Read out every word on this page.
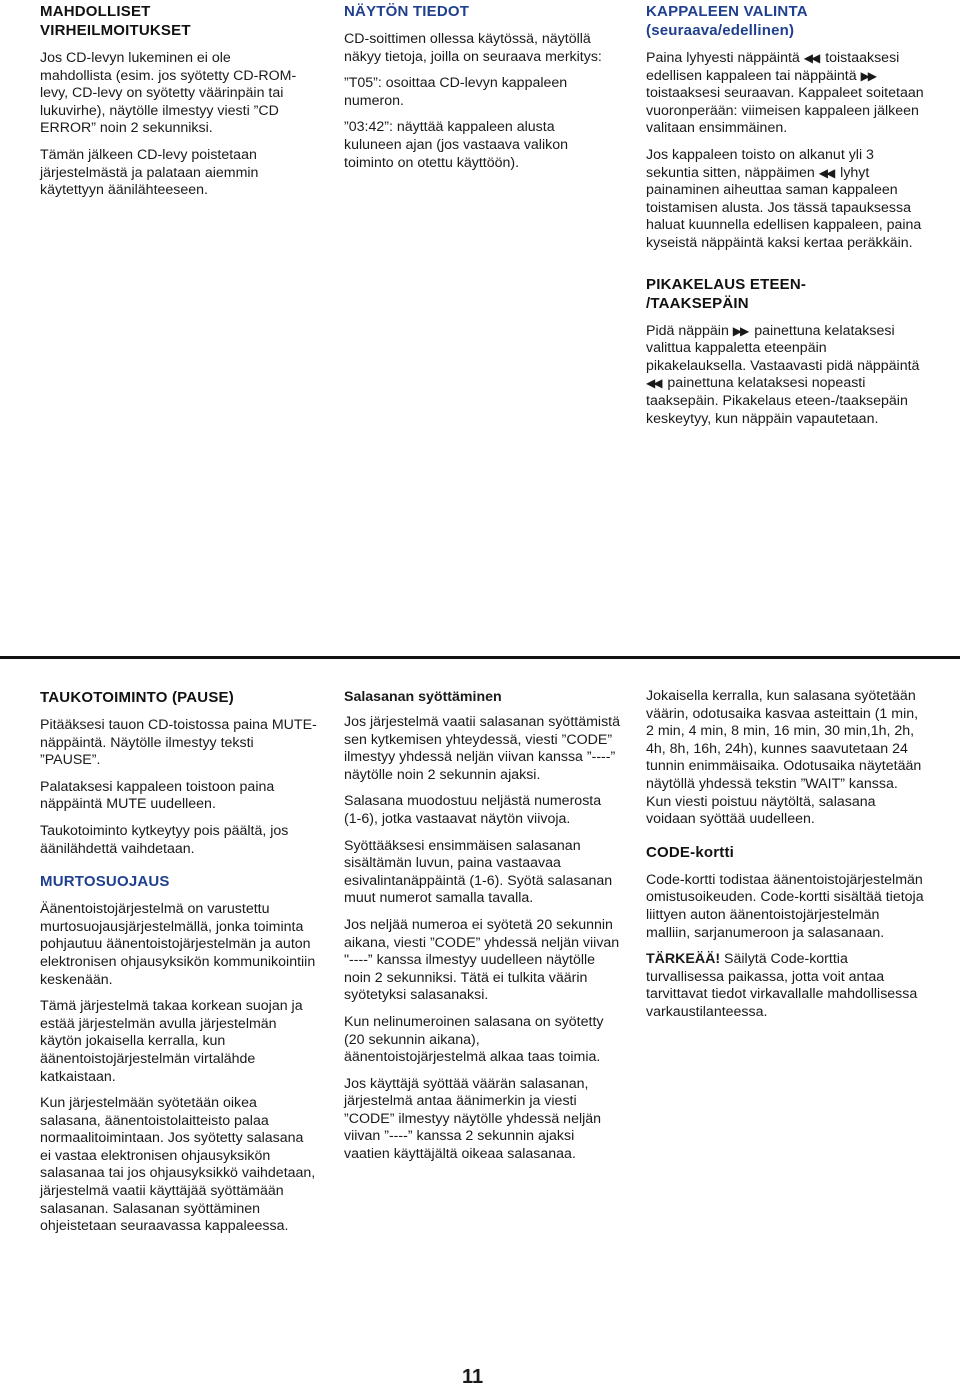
MAHDOLLISET VIRHEILMOITUKSET

Jos CD-levyn lukeminen ei ole mahdollista (esim. jos syötetty CD-ROM-levy, CD-levy on syötetty väärinpäin tai lukuvirhe), näytölle ilmestyy viesti ”CD ERROR” noin 2 sekunniksi.

Tämän jälkeen CD-levy poistetaan järjestelmästä ja palataan aiemmin käytettyyn äänilähteeseen.

NÄYTÖN TIEDOT

CD-soittimen ollessa käytössä, näytöllä näkyy tietoja, joilla on seuraava merkitys:

”T05”: osoittaa CD-levyn kappaleen numeron.

”03:42”: näyttää kappaleen alusta kuluneen ajan (jos vastaava valikon toiminto on otettu käyttöön).

KAPPALEEN VALINTA
(seuraava/edellinen)

Paina lyhyesti näppäintä ◀◀ toistaaksesi edellisen kappaleen tai näppäintä ▶▶ toistaaksesi seuraavan. Kappaleet soitetaan vuoronperään: viimeisen kappaleen jälkeen valitaan ensimmäinen.

Jos kappaleen toisto on alkanut yli 3 sekuntia sitten, näppäimen ◀◀ lyhyt painaminen aiheuttaa saman kappaleen toistamisen alusta. Jos tässä tapauksessa haluat kuunnella edellisen kappaleen, paina kyseistä näppäintä kaksi kertaa peräkkäin.

PIKAKELAUS ETEEN-
/TAAKSEPÄIN

Pidä näppäin ▶▶ painettuna kelataksesi valittua kappaletta eteenpäin pikakelauksella. Vastaavasti pidä näppäintä ◀◀ painettuna kelataksesi nopeasti taaksepäin. Pikakelaus eteen-/taaksepäin keskeytyy, kun näppäin vapautetaan.

TAUKOTOIMINTO (PAUSE)

Pitääksesi tauon CD-toistossa paina MUTE-näppäintä. Näytölle ilmestyy teksti ”PAUSE”.

Palataksesi kappaleen toistoon paina näppäintä MUTE uudelleen.

Taukotoiminto kytkeytyy pois päältä, jos äänilähdettä vaihdetaan.

MURTOSUOJAUS

Äänentoistojärjestelmä on varustettu murtosuojausjärjestelmällä, jonka toiminta pohjautuu äänentoistojärjestelmän ja auton elektronisen ohjausyksikön kommunikointiin keskenään.

Tämä järjestelmä takaa korkean suojan ja estää järjestelmän avulla järjestelmän käytön jokaisella kerralla, kun äänentoistojärjestelmän virtalähde katkaistaan.

Kun järjestelmään syötetään oikea salasana, äänentoistolaitteisto palaa normaalitoimintaan. Jos syötetty salasana ei vastaa elektronisen ohjausyksikön salasanaa tai jos ohjausyksikkö vaihdetaan, järjestelmä vaatii käyttäjää syöttämään salasanan. Salasanan syöttäminen ohjeistetaan seuraavassa kappaleessa.

Salasanan syöttäminen

Jos järjestelmä vaatii salasanan syöttämistä sen kytkemisen yhteydessä, viesti ”CODE” ilmestyy yhdessä neljän viivan kanssa ”----” näytölle noin 2 sekunnin ajaksi.

Salasana muodostuu neljästä numerosta (1-6), jotka vastaavat näytön viivoja.

Syöttääksesi ensimmäisen salasanan sisältämän luvun, paina vastaavaa esivalintanäppäintä (1-6). Syötä salasanan muut numerot samalla tavalla.

Jos neljää numeroa ei syötetä 20 sekunnin aikana, viesti ”CODE” yhdessä neljän viivan "----” kanssa ilmestyy uudelleen näytölle noin 2 sekunniksi. Tätä ei tulkita väärin syötetyksi salasanaksi.

Kun nelinumeroinen salasana on syötetty (20 sekunnin aikana), äänentoistojärjestelmä alkaa taas toimia.

Jos käyttäjä syöttää väärän salasanan, järjestelmä antaa äänimerkin ja viesti ”CODE” ilmestyy näytölle yhdessä neljän viivan ”----” kanssa 2 sekunnin ajaksi vaatien käyttäjältä oikeaa salasanaa.

Jokaisella kerralla, kun salasana syötetään väärin, odotusaika kasvaa asteittain (1 min, 2 min, 4 min, 8 min, 16 min, 30 min,1h, 2h, 4h, 8h, 16h, 24h), kunnes saavutetaan 24 tunnin enimmäisaika. Odotusaika näytetään näytöllä yhdessä tekstin ”WAIT” kanssa. Kun viesti poistuu näytöltä, salasana voidaan syöttää uudelleen.

CODE-kortti

Code-kortti todistaa äänentoistojärjestelmän omistusoikeuden. Code-kortti sisältää tietoja liittyen auton äänentoistojärjestelmän malliin, sarjanumeroon ja salasanaan.

TÄRKEÄÄ! Säilytä Code-korttia turvallisessa paikassa, jotta voit antaa tarvittavat tiedot virkavallalle mahdollisessa varkaustilanteessa.

11
